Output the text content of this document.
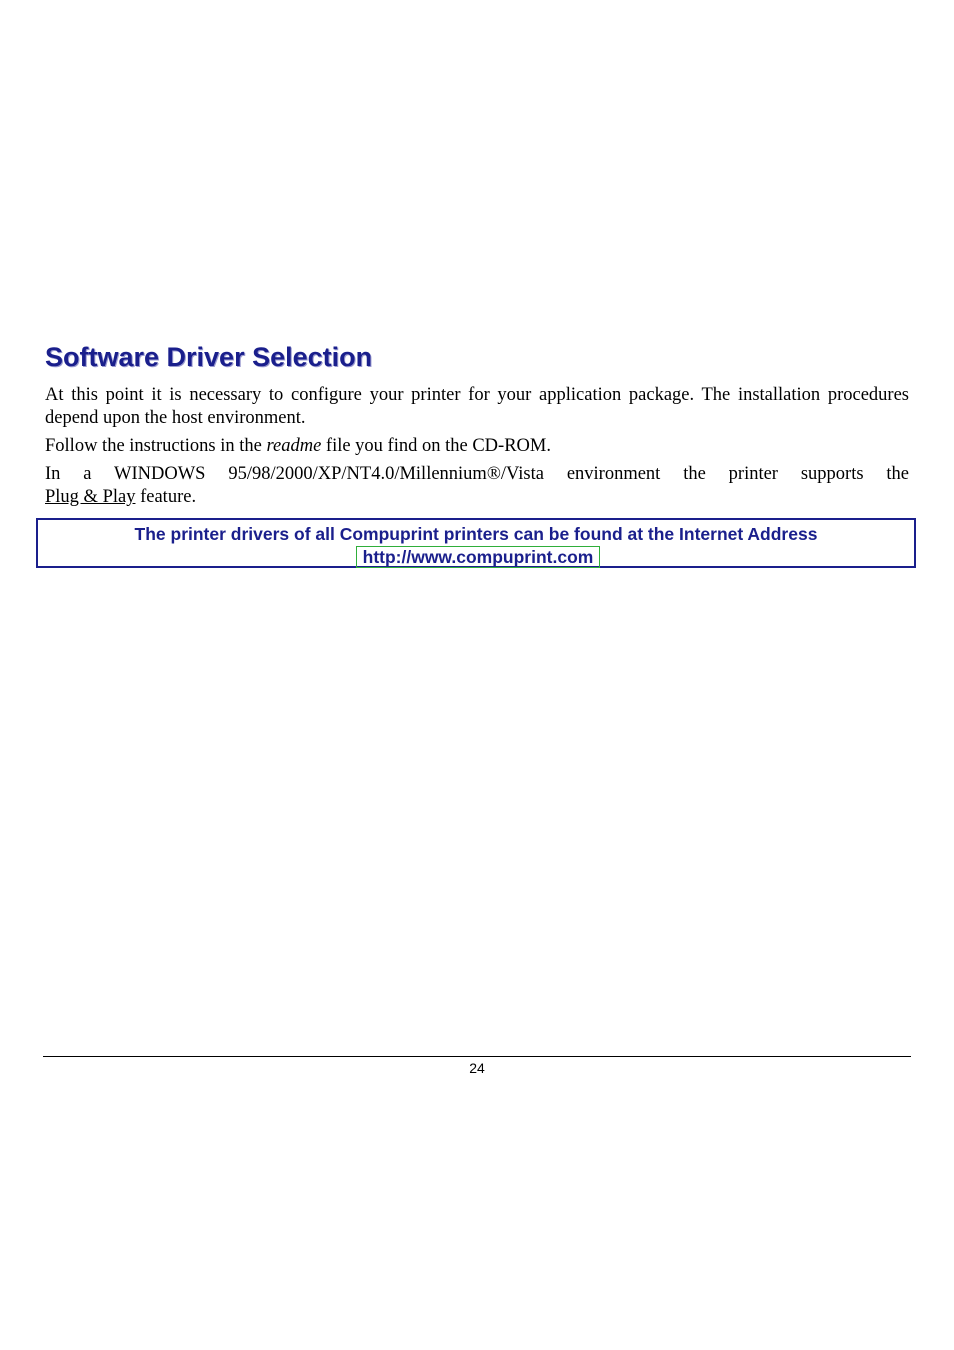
Software Driver Selection

At this point it is necessary to configure your printer for your application package. The installation procedures depend upon the host environment.

Follow the instructions in the readme file you find on the CD-ROM.

In a WINDOWS 95/98/2000/XP/NT4.0/Millennium®/Vista environment the printer supports the
Plug & Play feature.

The printer drivers of all Compuprint printers can be found at the Internet Address
http://www.compuprint.com
24
